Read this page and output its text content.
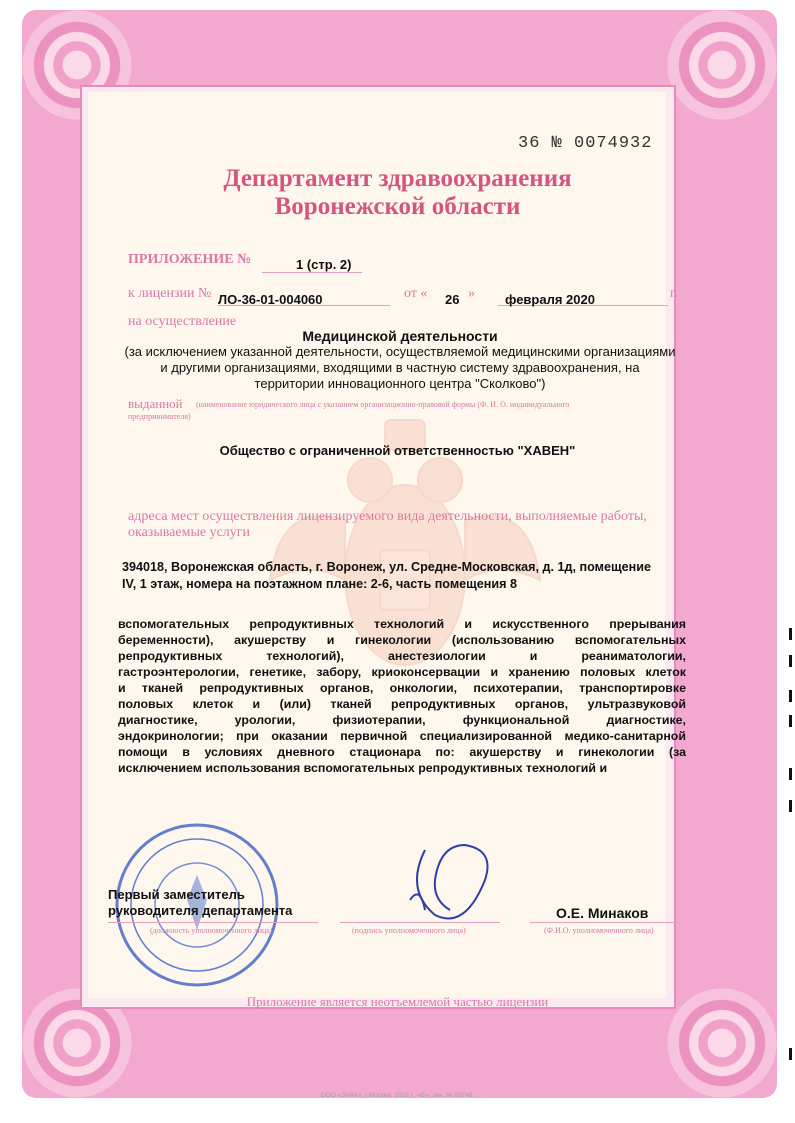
36 № 0074932
Департамент здравоохранения
Воронежской области
ПРИЛОЖЕНИЕ №	1 (стр. 2)
к лицензии № ЛО-36-01-004060	от « 26 » февраля 2020	г.
на осуществление
Медицинской деятельности
(за исключением указанной деятельности, осуществляемой медицинскими организациями
и другими организациями, входящими в частную систему здравоохранения, на
территории инновационного центра "Сколково")
выданной (наименование юридического лица с указанием организационно-правовой формы (Ф. И. О. индивидуального
предпринимателя)
Общество с ограниченной ответственностью "ХАВЕН"
адреса мест осуществления лицензируемого вида деятельности, выполняемые работы,
оказываемые услуги
394018, Воронежская область, г. Воронеж, ул. Средне-Московская, д. 1д, помещение
IV, 1 этаж, номера на поэтажном плане: 2-6, часть помещения 8
вспомогательных репродуктивных технологий и искусственного прерывания
беременности), акушерству и гинекологии (использованию вспомогательных
репродуктивных технологий), анестезиологии и реаниматологии,
гастроэнтерологии, генетике, забору, криоконсервации и хранению половых клеток
и тканей репродуктивных органов, онкологии, психотерапии, транспортировке
половых клеток и (или) тканей репродуктивных органов, ультразвуковой
диагностике, урологии, физиотерапии, функциональной диагностике,
эндокринологии; при оказании первичной специализированной медико-санитарной
помощи в условиях дневного стационара по: акушерству и гинекологии (за
исключением использования вспомогательных репродуктивных технологий и
Первый заместитель
руководителя департамента
(должность уполномоченного лица)	(подпись уполномоченного лица)
О.Е. Минаков
(Ф.И.О. уполномоченного лица)
Приложение является неотъемлемой частью лицензии
ООО «ЗНАК», г.Москва, 2018 г., «Б», зак. № 69748.
